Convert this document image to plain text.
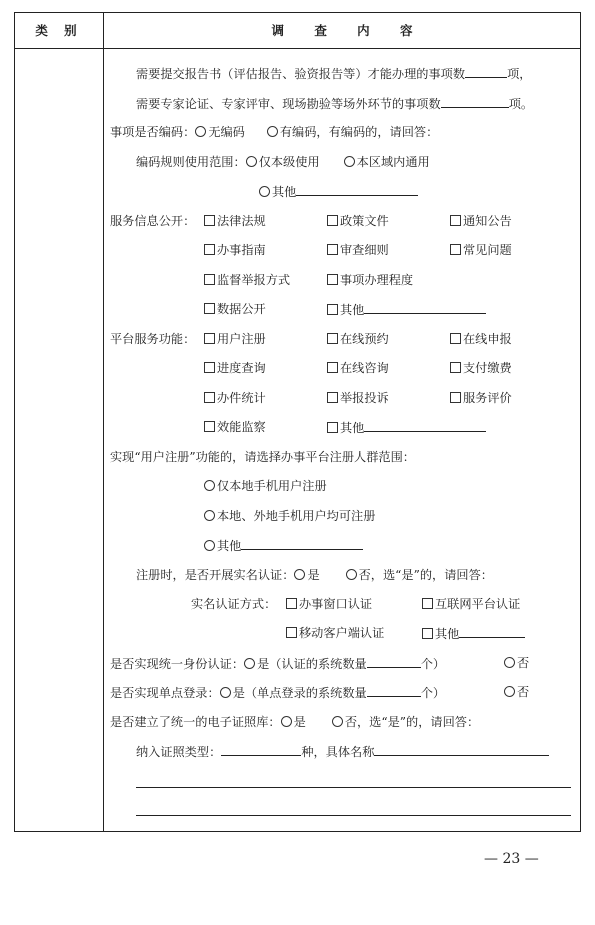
类 别	调 查 内 容
需要提交报告书（评估报告、验资报告等）才能办理的事项数	项，
需要专家论证、专家评审、现场勘验等场外环节的事项数	项。
事项是否编码： 无编码	有编码，有编码的，请回答：
编码规则使用范围： 仅本级使用	本区域内通用
其他
服务信息公开：	法律法规	政策文件	通知公告
办事指南	审查细则	常见问题
监督举报方式	事项办理程度
数据公开	其他
平台服务功能：	用户注册	在线预约	在线申报
进度查询	在线咨询	支付缴费
办件统计	举报投诉	服务评价
效能监察	其他
实现“用户注册”功能的，请选择办事平台注册人群范围：
仅本地手机用户注册
本地、外地手机用户均可注册
其他
注册时，是否开展实名认证： 是	否，选“是”的，请回答：
实名认证方式：	办事窗口认证	互联网平台认证
移动客户端认证	其他
是否实现统一身份认证： 是（认证的系统数量	个）	否
是否实现单点登录： 是（单点登录的系统数量	个）	否
是否建立了统一的电子证照库： 是	否，选“是”的，请回答：
纳入证照类型：	种，具体名称
— 23 —
